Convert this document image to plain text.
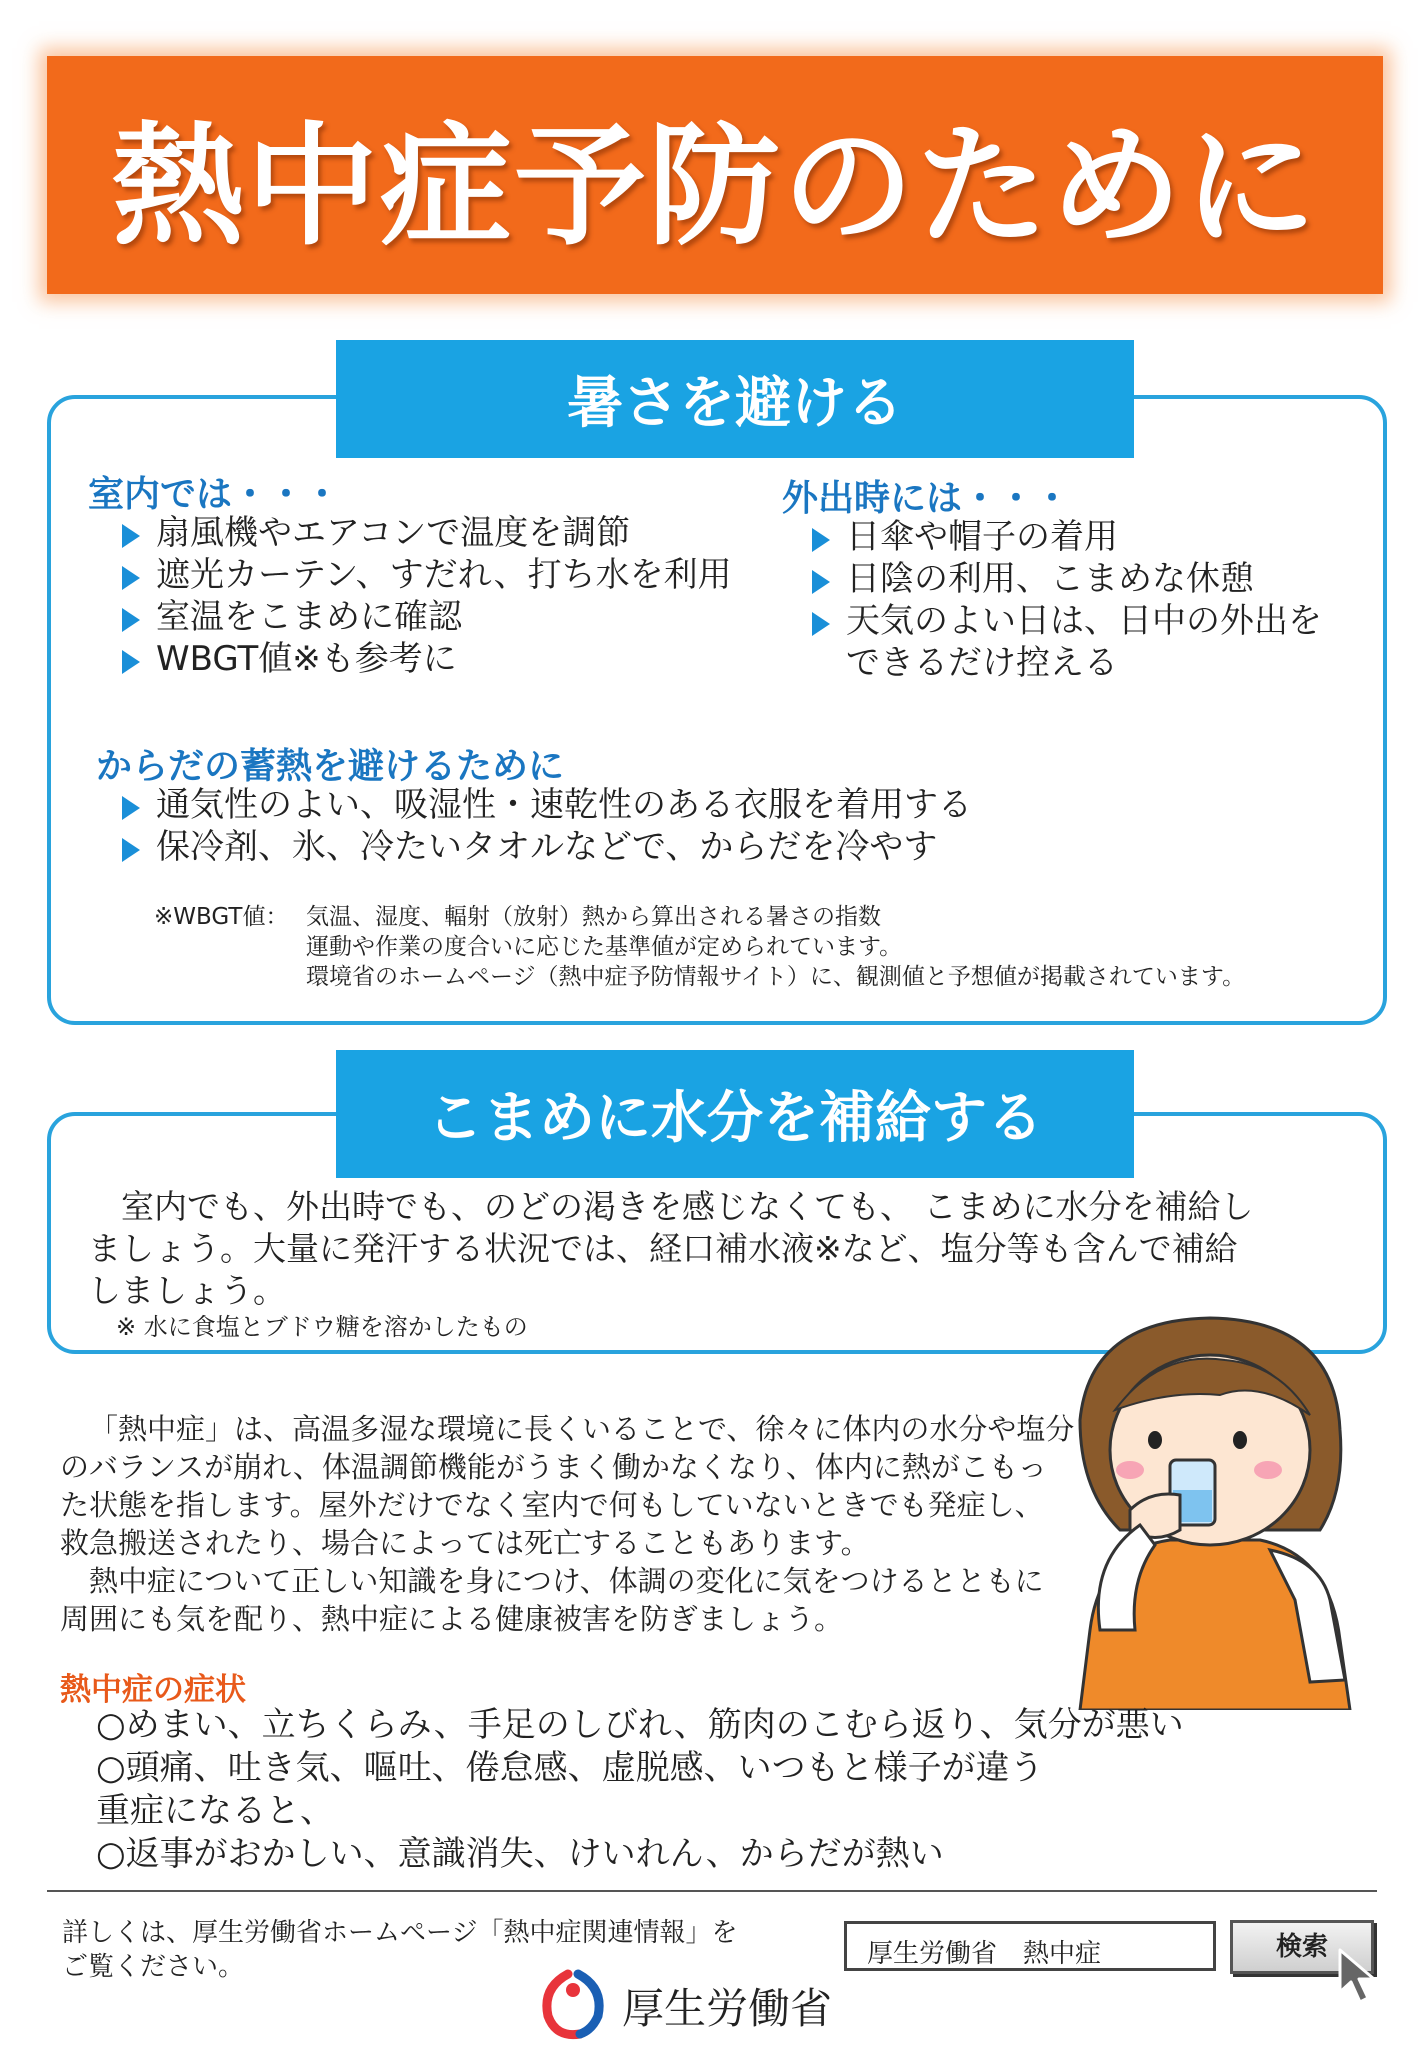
熱中症予防のために
暑さを避ける
室内では・・・
扇風機やエアコンで温度を調節
遮光カーテン、すだれ、打ち水を利用
室温をこまめに確認
WBGT値※も参考に
外出時には・・・
日傘や帽子の着用
日陰の利用、こまめな休憩
天気のよい日は、日中の外出を
できるだけ控える
からだの蓄熱を避けるために
通気性のよい、吸湿性・速乾性のある衣服を着用する
保冷剤、氷、冷たいタオルなどで、からだを冷やす
※WBGT値： 気温、湿度、輻射（放射）熱から算出される暑さの指数
運動や作業の度合いに応じた基準値が定められています。
環境省のホームページ（熱中症予防情報サイト）に、観測値と予想値が掲載されています。
こまめに水分を補給する

 室内でも、外出時でも、のどの渇きを感じなくても、 こまめに水分を補給し

ましょう。大量に発汗する状況では、経口補水液※など、塩分等も含んで補給

しましょう。

※ 水に食塩とブドウ糖を溶かしたもの

 「熱中症」は、高温多湿な環境に長くいることで、徐々に体内の水分や塩分

のバランスが崩れ、体温調節機能がうまく働かなくなり、体内に熱がこもっ

た状態を指します。屋外だけでなく室内で何もしていないときでも発症し、

救急搬送されたり、場合によっては死亡することもあります。

 熱中症について正しい知識を身につけ、体調の変化に気をつけるとともに

周囲にも気を配り、熱中症による健康被害を防ぎましょう。

熱中症の症状
○めまい、立ちくらみ、手足のしびれ、筋肉のこむら返り、気分が悪い
○頭痛、吐き気、嘔吐、倦怠感、虚脱感、いつもと様子が違う
重症になると、
○返事がおかしい、意識消失、けいれん、からだが熱い
詳しくは、厚生労働省ホームページ「熱中症関連情報」を
ご覧ください。	厚生労働省　熱中症	検索
厚生労働省
